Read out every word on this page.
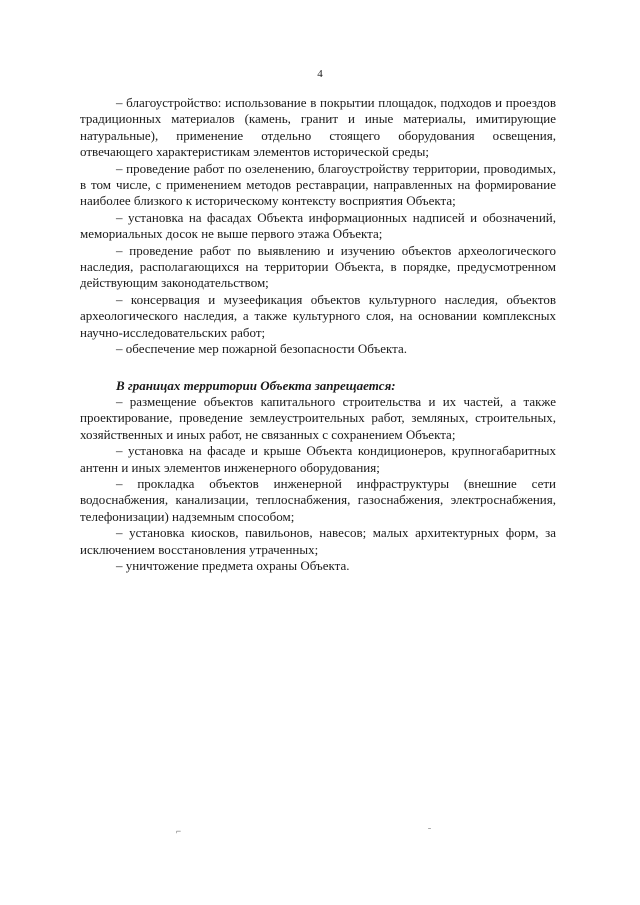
4

– благоустройство: использование в покрытии площадок, подходов и проездов традиционных материалов (камень, гранит и иные материалы, имитирующие натуральные), применение отдельно стоящего оборудования освещения, отвечающего характеристикам элементов исторической среды;

– проведение работ по озеленению, благоустройству территории, проводимых, в том числе, с применением методов реставрации, направленных на формирование наиболее близкого к историческому контексту восприятия Объекта;

– установка на фасадах Объекта информационных надписей и обозначений, мемориальных досок не выше первого этажа Объекта;

– проведение работ по выявлению и изучению объектов археологического наследия, располагающихся на территории Объекта, в порядке, предусмотренном действующим законодательством;

– консервация и музеефикация объектов культурного наследия, объектов археологического наследия, а также культурного слоя, на основании комплексных научно-исследовательских работ;

– обеспечение мер пожарной безопасности Объекта.

В границах территории Объекта запрещается:

– размещение объектов капитального строительства и их частей, а также проектирование, проведение землеустроительных работ, земляных, строительных, хозяйственных и иных работ, не связанных с сохранением Объекта;

– установка на фасаде и крыше Объекта кондиционеров, крупногабаритных антенн и иных элементов инженерного оборудования;

– прокладка объектов инженерной инфраструктуры (внешние сети водоснабжения, канализации, теплоснабжения, газоснабжения, электроснабжения, телефонизации) надземным способом;

– установка киосков, павильонов, навесов; малых архитектурных форм, за исключением восстановления утраченных;

– уничтожение предмета охраны Объекта.

⌐	ˉ
